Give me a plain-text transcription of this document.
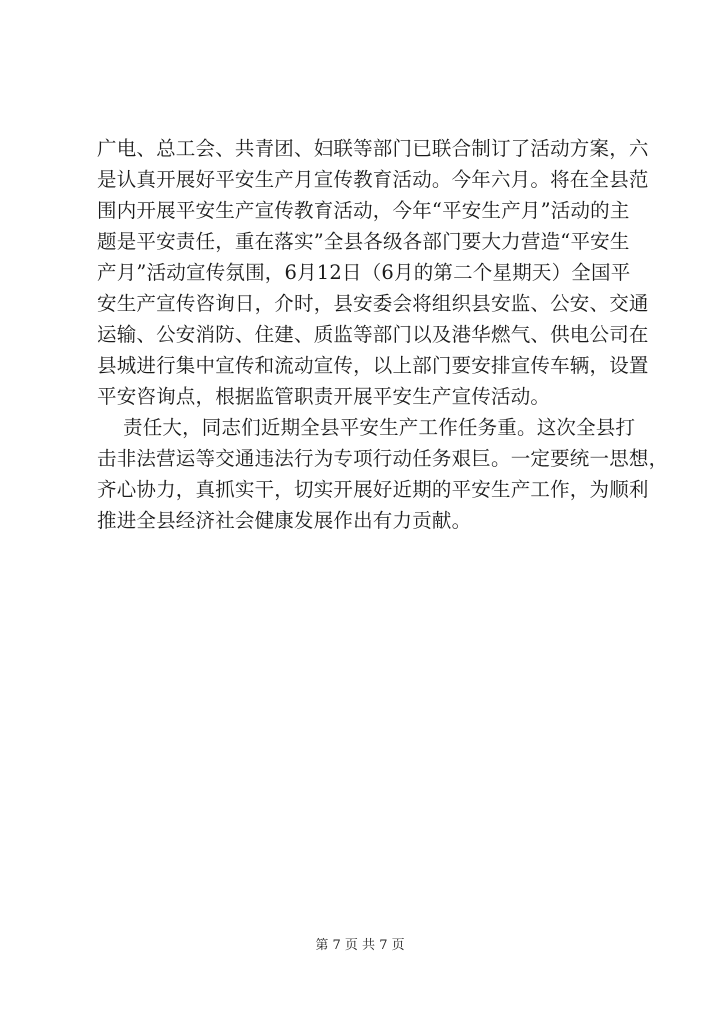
广电、总工会、共青团、妇联等部门已联合制订了活动方案，六
是认真开展好平安生产月宣传教育活动。今年六月。将在全县范
围内开展平安生产宣传教育活动，今年“平安生产月”活动的主
题是平安责任，重在落实”全县各级各部门要大力营造“平安生
产月”活动宣传氛围，6月12日（6月的第二个星期天）全国平
安生产宣传咨询日，介时，县安委会将组织县安监、公安、交通
运输、公安消防、住建、质监等部门以及港华燃气、供电公司在
县城进行集中宣传和流动宣传，以上部门要安排宣传车辆，设置
平安咨询点，根据监管职责开展平安生产宣传活动。
责任大，同志们近期全县平安生产工作任务重。这次全县打
击非法营运等交通违法行为专项行动任务艰巨。一定要统一思想，
齐心协力，真抓实干，切实开展好近期的平安生产工作，为顺利
推进全县经济社会健康发展作出有力贡献。
第 7 页 共 7 页
